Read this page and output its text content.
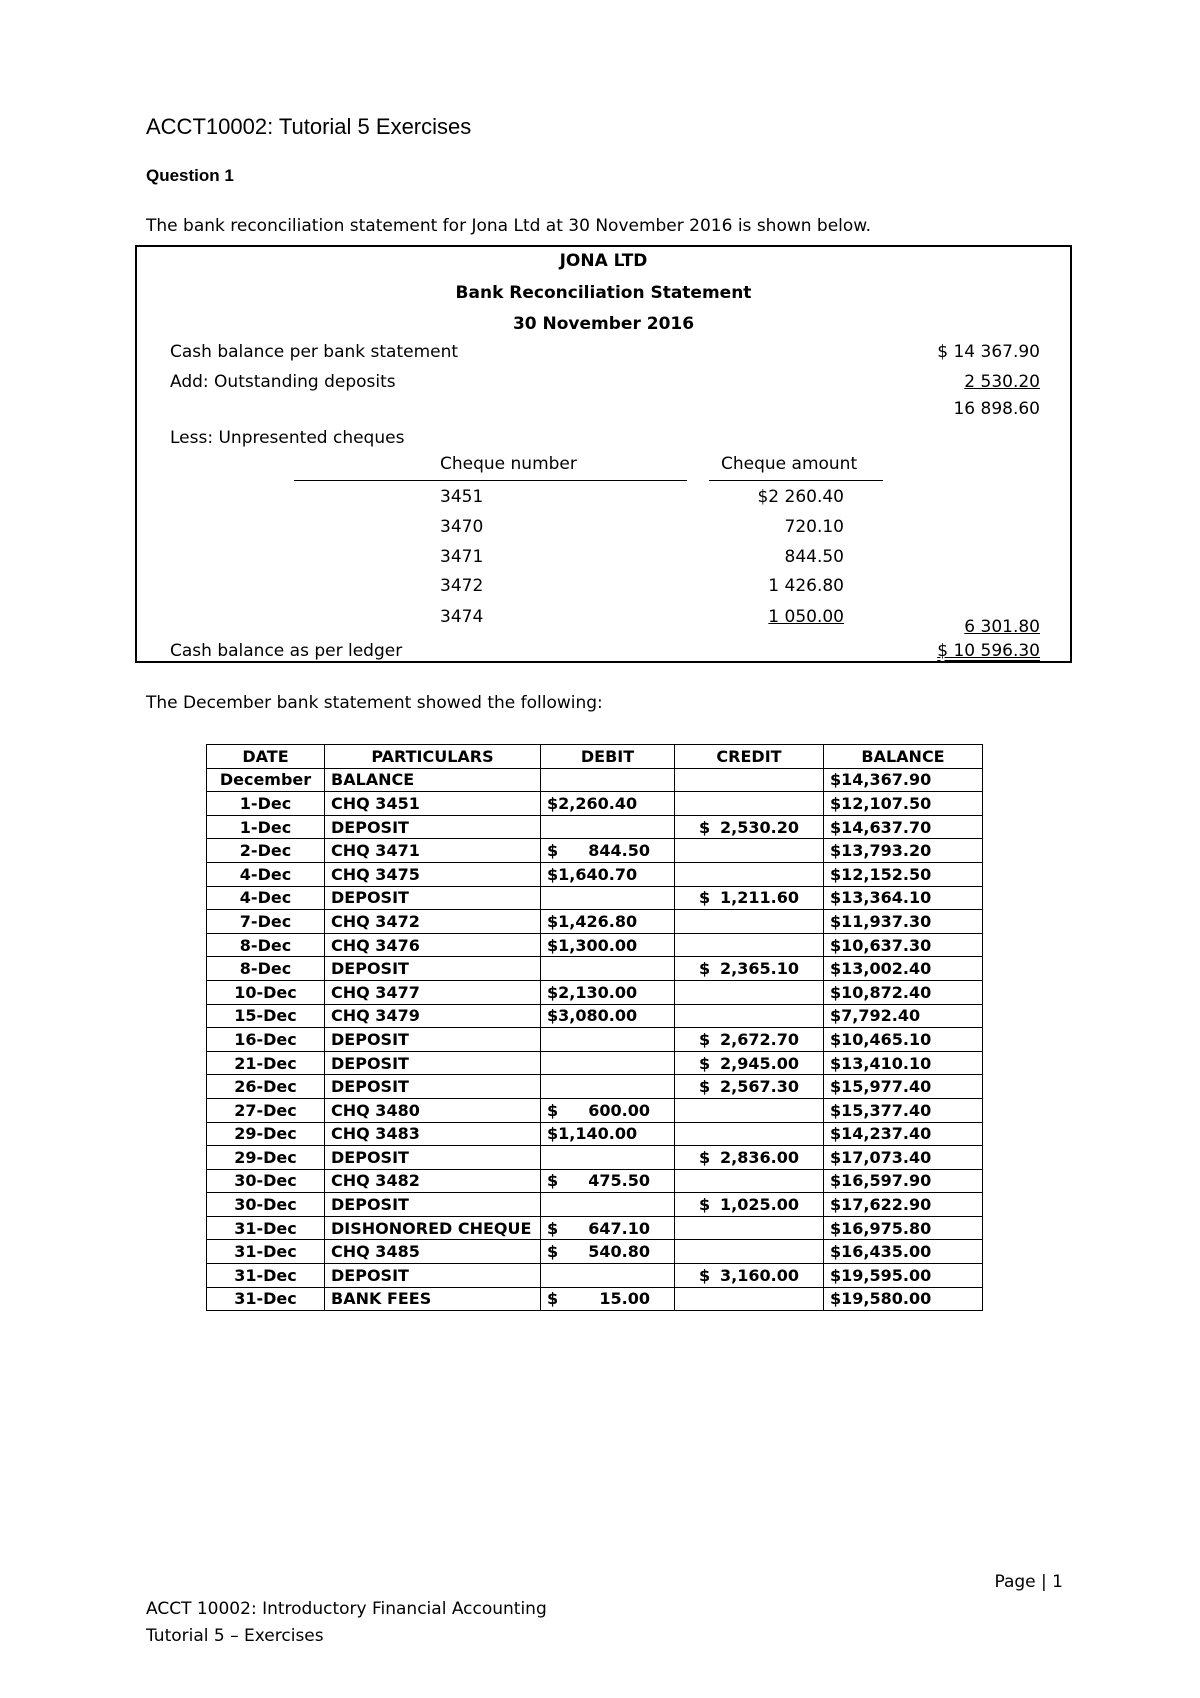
ACCT10002: Tutorial 5 Exercises
Question 1
The bank reconciliation statement for Jona Ltd at 30 November 2016 is shown below.
JONA LTD
Bank Reconciliation Statement
30 November 2016
Cash balance per bank statement	$ 14 367.90
Add: Outstanding deposits	2 530.20
16 898.60
Less: Unpresented cheques
Cheque number	Cheque amount
3451	$2 260.40
3470	720.10
3471	844.50
3472	1 426.80
3474	1 050.00	6 301.80
Cash balance as per ledger	$ 10 596.30
The December bank statement showed the following:
DATE	PARTICULARS	DEBIT	CREDIT	BALANCE
December	BALANCE			$14,367.90
1-Dec	CHQ 3451	$2,260.40		$12,107.50
1-Dec	DEPOSIT		$ 2,530.20	$14,637.70
2-Dec	CHQ 3471	$ 844.50		$13,793.20
4-Dec	CHQ 3475	$1,640.70		$12,152.50
4-Dec	DEPOSIT		$ 1,211.60	$13,364.10
7-Dec	CHQ 3472	$1,426.80		$11,937.30
8-Dec	CHQ 3476	$1,300.00		$10,637.30
8-Dec	DEPOSIT		$ 2,365.10	$13,002.40
10-Dec	CHQ 3477	$2,130.00		$10,872.40
15-Dec	CHQ 3479	$3,080.00		$7,792.40
16-Dec	DEPOSIT		$ 2,672.70	$10,465.10
21-Dec	DEPOSIT		$ 2,945.00	$13,410.10
26-Dec	DEPOSIT		$ 2,567.30	$15,977.40
27-Dec	CHQ 3480	$ 600.00		$15,377.40
29-Dec	CHQ 3483	$1,140.00		$14,237.40
29-Dec	DEPOSIT		$ 2,836.00	$17,073.40
30-Dec	CHQ 3482	$ 475.50		$16,597.90
30-Dec	DEPOSIT		$ 1,025.00	$17,622.90
31-Dec	DISHONORED CHEQUE	$ 647.10		$16,975.80
31-Dec	CHQ 3485	$ 540.80		$16,435.00
31-Dec	DEPOSIT		$ 3,160.00	$19,595.00
31-Dec	BANK FEES	$ 15.00		$19,580.00
Page | 1
ACCT 10002: Introductory Financial Accounting
Tutorial 5 – Exercises
